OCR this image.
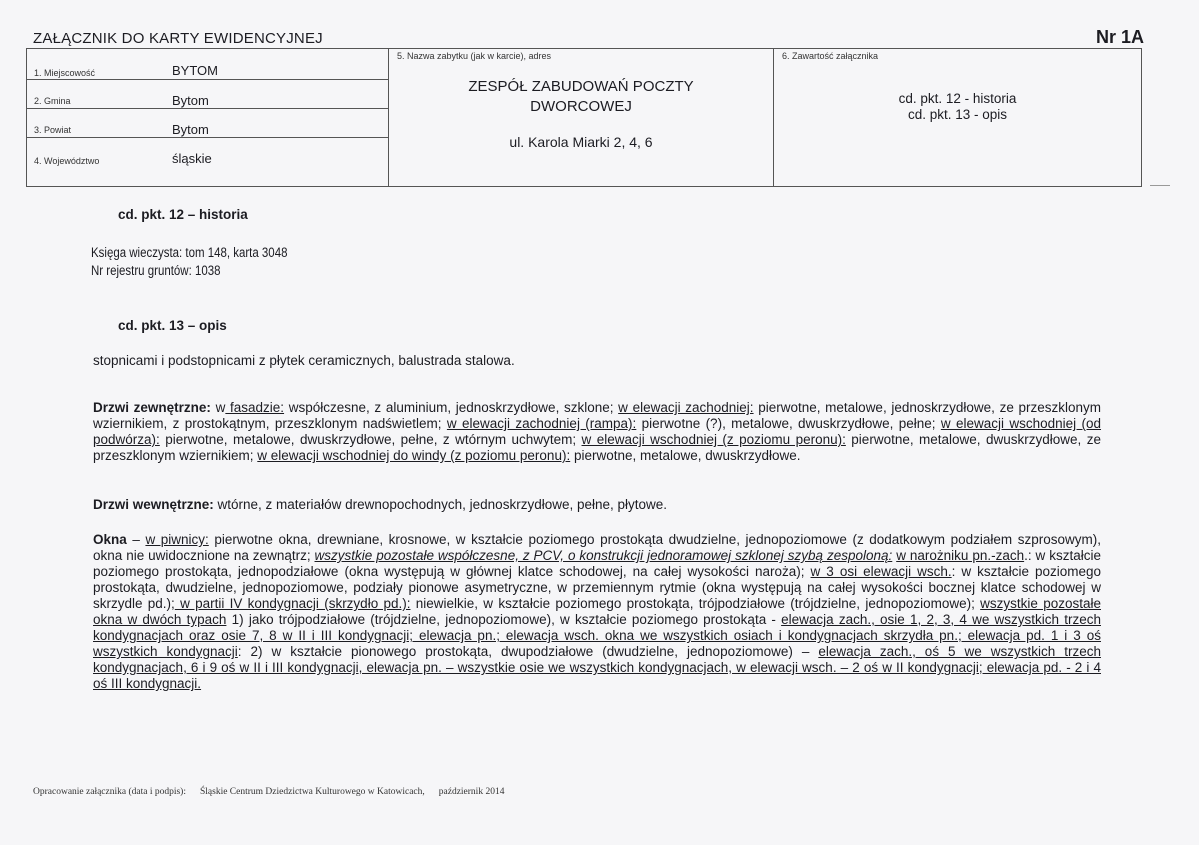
ZAŁĄCZNIK DO KARTY EWIDENCYJNEJ	Nr 1A
1. Miejscowość	BYTOM
2. Gmina	Bytom
3. Powiat	Bytom
4. Województwo	śląskie
5. Nazwa zabytku (jak w karcie), adres
ZESPÓŁ ZABUDOWAŃ POCZTY
DWORCOWEJ
ul. Karola Miarki 2, 4, 6
6. Zawartość załącznika
cd. pkt. 12 - historia
cd. pkt. 13 - opis
cd. pkt. 12 – historia
Księga wieczysta: tom 148, karta 3048
Nr rejestru gruntów: 1038
cd. pkt. 13 – opis
stopnicami i podstopnicami z płytek ceramicznych, balustrada stalowa.
Drzwi zewnętrzne: w fasadzie: współczesne, z aluminium, jednoskrzydłowe, szklone; w elewacji zachodniej: pierwotne, metalowe, jednoskrzydłowe, ze przeszklonym wziernikiem, z prostokątnym, przeszklonym nadświetlem; w elewacji zachodniej (rampa): pierwotne (?), metalowe, dwuskrzydłowe, pełne; w elewacji wschodniej (od podwórza): pierwotne, metalowe, dwuskrzydłowe, pełne, z wtórnym uchwytem; w elewacji wschodniej (z poziomu peronu): pierwotne, metalowe, dwuskrzydłowe, ze przeszklonym wziernikiem; w elewacji wschodniej do windy (z poziomu peronu): pierwotne, metalowe, dwuskrzydłowe.
Drzwi wewnętrzne: wtórne, z materiałów drewnopochodnych, jednoskrzydłowe, pełne, płytowe.
Okna – w piwnicy: pierwotne okna, drewniane, krosnowe, w kształcie poziomego prostokąta dwudzielne, jednopoziomowe (z dodatkowym podziałem szprosowym), okna nie uwidocznione na zewnątrz; wszystkie pozostałe współczesne, z PCV, o konstrukcji jednoramowej szklonej szybą zespoloną: w narożniku pn.-zach.: w kształcie poziomego prostokąta, jednopodziałowe (okna występują w głównej klatce schodowej, na całej wysokości naroża); w 3 osi elewacji wsch.: w kształcie poziomego prostokąta, dwudzielne, jednopoziomowe, podziały pionowe asymetryczne, w przemiennym rytmie (okna występują na całej wysokości bocznej klatce schodowej w skrzydle pd.); w partii IV kondygnacji (skrzydło pd.): niewielkie, w kształcie poziomego prostokąta, trójpodziałowe (trójdzielne, jednopoziomowe); wszystkie pozostałe okna w dwóch typach 1) jako trójpodziałowe (trójdzielne, jednopoziomowe), w kształcie poziomego prostokąta - elewacja zach., osie 1, 2, 3, 4 we wszystkich trzech kondygnacjach oraz osie 7, 8 w II i III kondygnacji; elewacja pn.; elewacja wsch. okna we wszystkich osiach i kondygnacjach skrzydła pn.; elewacja pd. 1 i 3 oś wszystkich kondygnacji: 2) w kształcie pionowego prostokąta, dwupodziałowe (dwudzielne, jednopoziomowe) – elewacja zach., oś 5 we wszystkich trzech kondygnacjach, 6 i 9 oś w II i III kondygnacji, elewacja pn. – wszystkie osie we wszystkich kondygnacjach, w elewacji wsch. – 2 oś w II kondygnacji; elewacja pd. - 2 i 4 oś III kondygnacji.
Opracowanie załącznika (data i podpis): Śląskie Centrum Dziedzictwa Kulturowego w Katowicach, październik 2014
